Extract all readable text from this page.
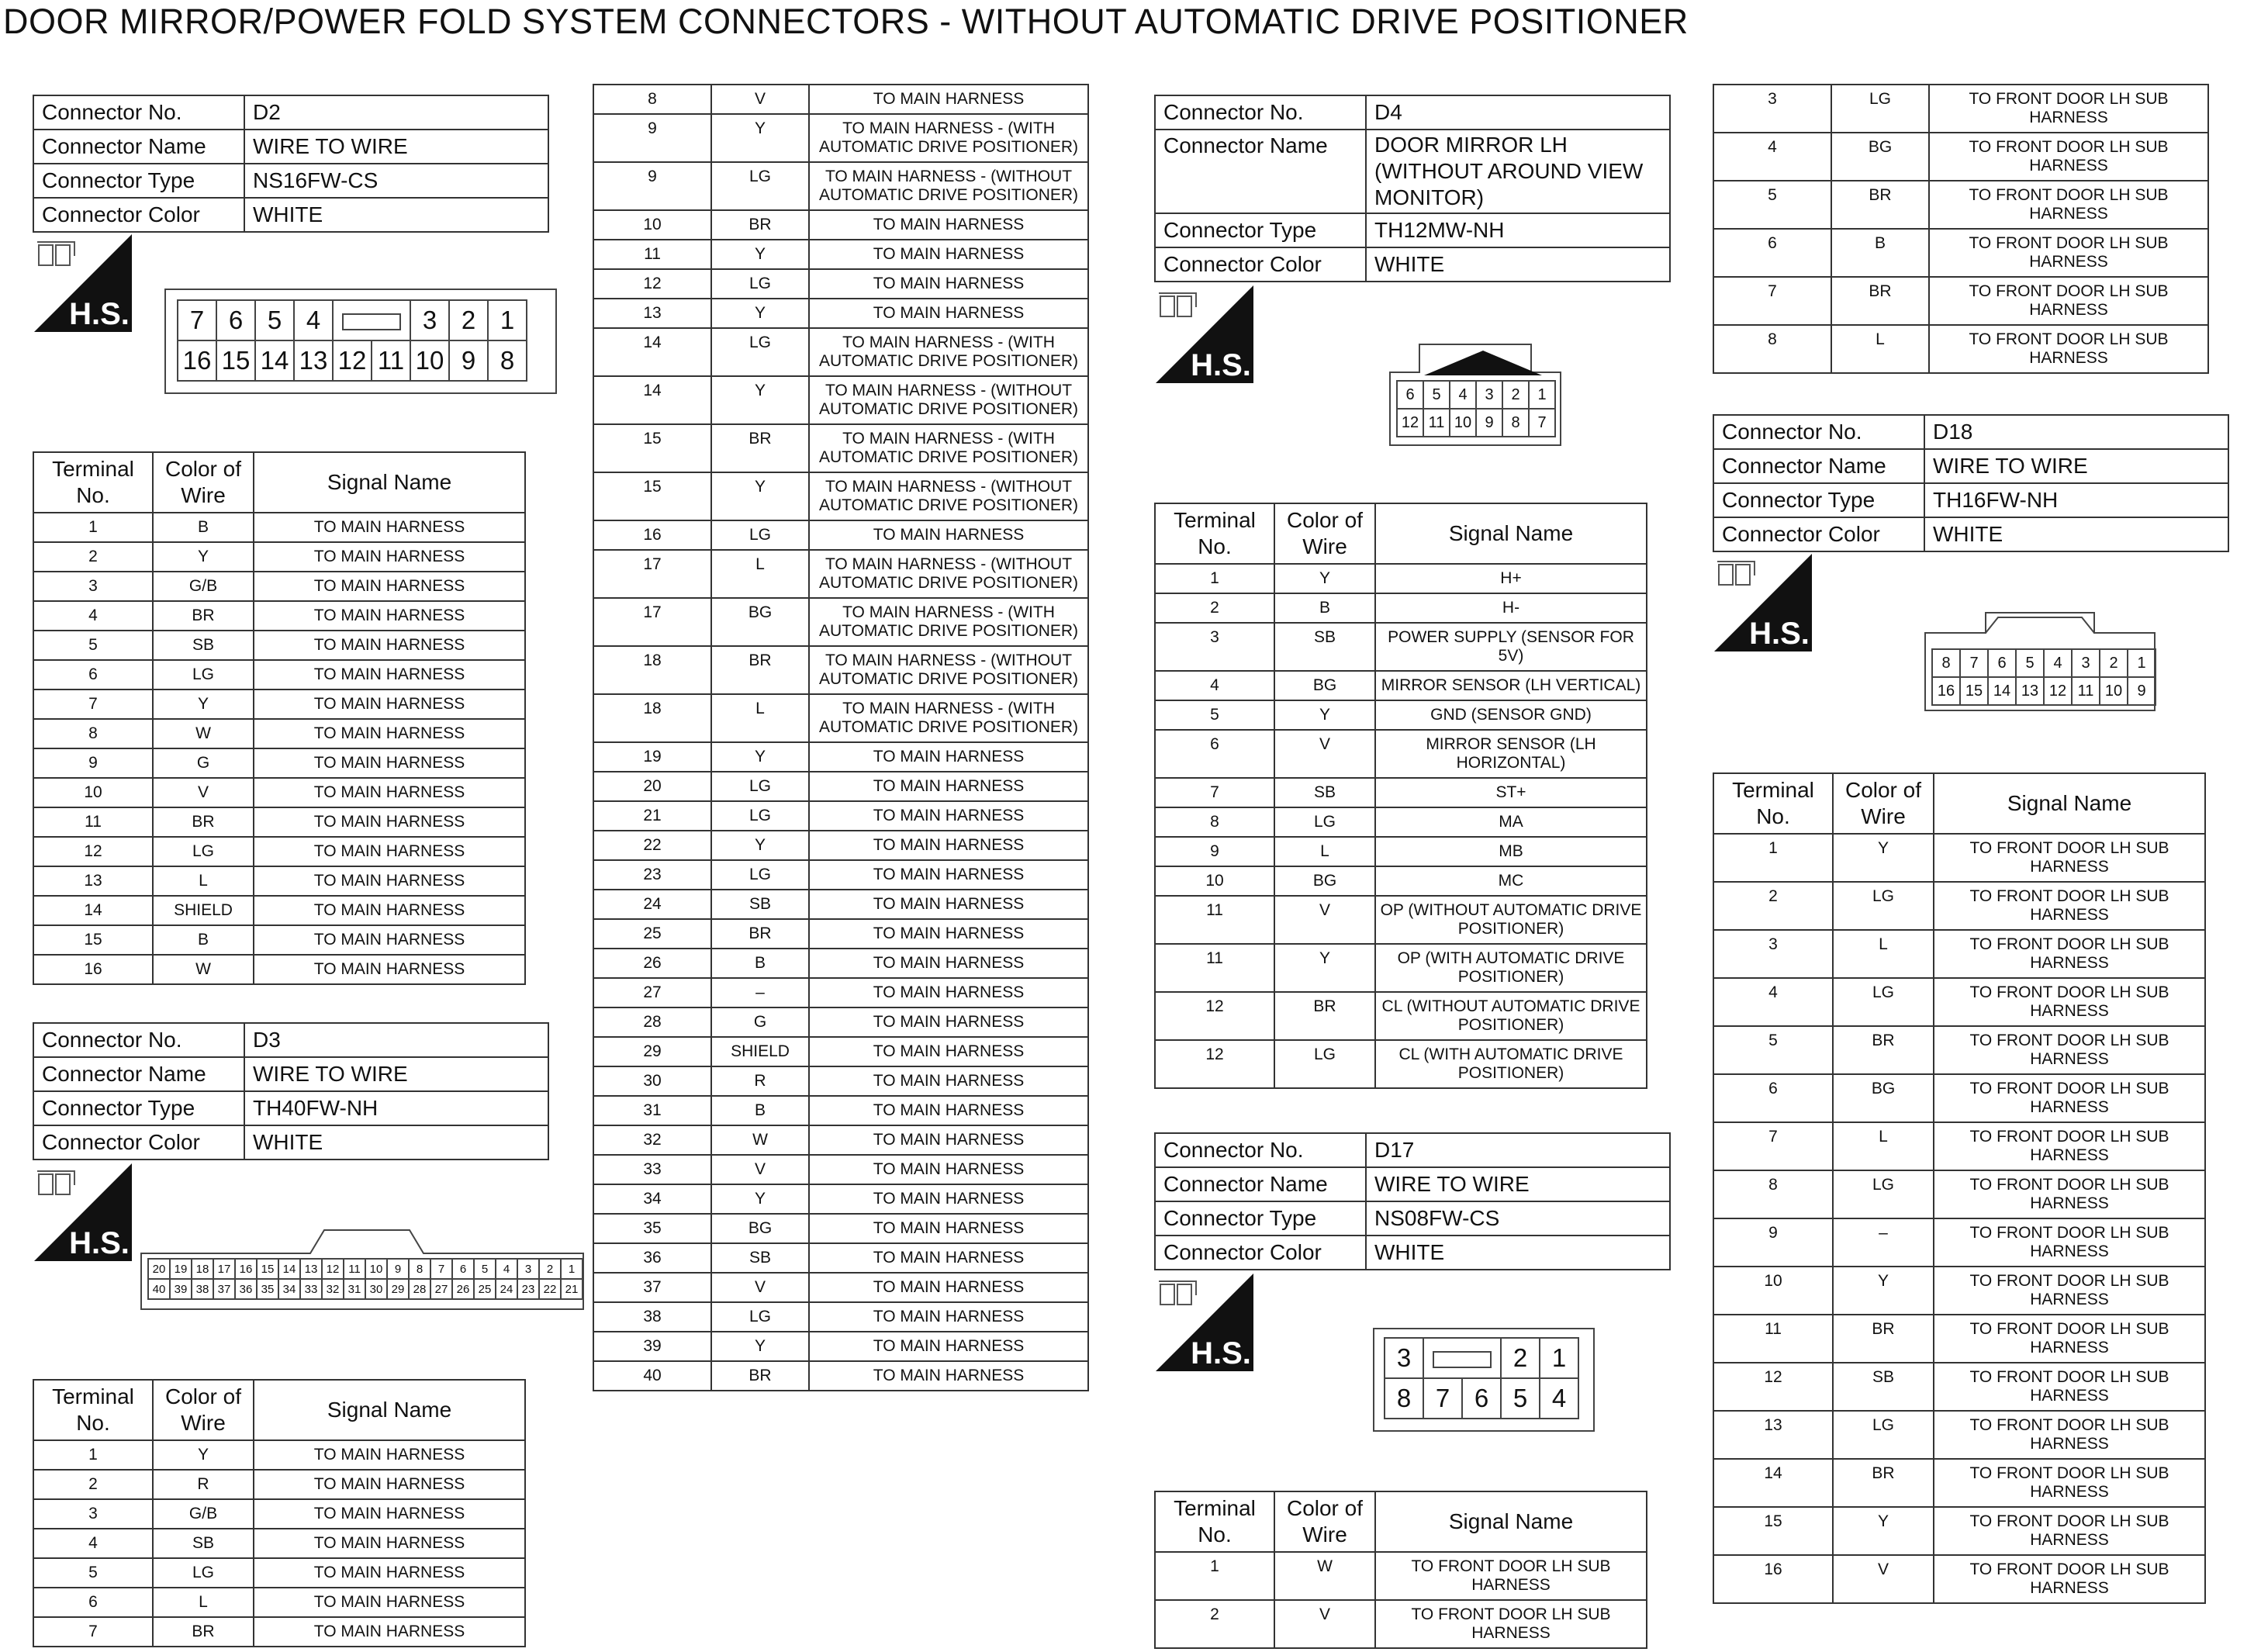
DOOR MIRROR/POWER FOLD SYSTEM CONNECTORS - WITHOUT AUTOMATIC DRIVE POSITIONER
Connector No.	D2
Connector Name	WIRE TO WIRE
Connector Type	NS16FW-CS
Connector Color	WHITE
H.S. 7	6	5	4			3	2	1
16	15	14	13	12	11	10	9	8
Terminal No.	Color of Wire	Signal Name
1	B	TO MAIN HARNESS
2	Y	TO MAIN HARNESS
3	G/B	TO MAIN HARNESS
4	BR	TO MAIN HARNESS
5	SB	TO MAIN HARNESS
6	LG	TO MAIN HARNESS
7	Y	TO MAIN HARNESS
8	W	TO MAIN HARNESS
9	G	TO MAIN HARNESS
10	V	TO MAIN HARNESS
11	BR	TO MAIN HARNESS
12	LG	TO MAIN HARNESS
13	L	TO MAIN HARNESS
14	SHIELD	TO MAIN HARNESS
15	B	TO MAIN HARNESS
16	W	TO MAIN HARNESS
Connector No.	D3
Connector Name	WIRE TO WIRE
Connector Type	TH40FW-NH
Connector Color	WHITE
H.S.
20	19	18	17	16	15	14	13	12	11	10	9	8	7	6	5	4	3	2	1
40	39	38	37	36	35	34	33	32	31	30	29	28	27	26	25	24	23	22	21
Terminal No.	Color of Wire	Signal Name
1	Y	TO MAIN HARNESS
2	R	TO MAIN HARNESS
3	G/B	TO MAIN HARNESS
4	SB	TO MAIN HARNESS
5	LG	TO MAIN HARNESS
6	L	TO MAIN HARNESS
7	BR	TO MAIN HARNESS
8	V	TO MAIN HARNESS
9	Y	TO MAIN HARNESS - (WITH AUTOMATIC DRIVE POSITIONER)
9	LG	TO MAIN HARNESS - (WITHOUT AUTOMATIC DRIVE POSITIONER)
10	BR	TO MAIN HARNESS
11	Y	TO MAIN HARNESS
12	LG	TO MAIN HARNESS
13	Y	TO MAIN HARNESS
14	LG	TO MAIN HARNESS - (WITH AUTOMATIC DRIVE POSITIONER)
14	Y	TO MAIN HARNESS - (WITHOUT AUTOMATIC DRIVE POSITIONER)
15	BR	TO MAIN HARNESS - (WITH AUTOMATIC DRIVE POSITIONER)
15	Y	TO MAIN HARNESS - (WITHOUT AUTOMATIC DRIVE POSITIONER)
16	LG	TO MAIN HARNESS
17	L	TO MAIN HARNESS - (WITHOUT AUTOMATIC DRIVE POSITIONER)
17	BG	TO MAIN HARNESS - (WITH AUTOMATIC DRIVE POSITIONER)
18	BR	TO MAIN HARNESS - (WITHOUT AUTOMATIC DRIVE POSITIONER)
18	L	TO MAIN HARNESS - (WITH AUTOMATIC DRIVE POSITIONER)
19	Y	TO MAIN HARNESS
20	LG	TO MAIN HARNESS
21	LG	TO MAIN HARNESS
22	Y	TO MAIN HARNESS
23	LG	TO MAIN HARNESS
24	SB	TO MAIN HARNESS
25	BR	TO MAIN HARNESS
26	B	TO MAIN HARNESS
27	–	TO MAIN HARNESS
28	G	TO MAIN HARNESS
29	SHIELD	TO MAIN HARNESS
30	R	TO MAIN HARNESS
31	B	TO MAIN HARNESS
32	W	TO MAIN HARNESS
33	V	TO MAIN HARNESS
34	Y	TO MAIN HARNESS
35	BG	TO MAIN HARNESS
36	SB	TO MAIN HARNESS
37	V	TO MAIN HARNESS
38	LG	TO MAIN HARNESS
39	Y	TO MAIN HARNESS
40	BR	TO MAIN HARNESS
Connector No.	D4
Connector Name	DOOR MIRROR LH (WITHOUT AROUND VIEW MONITOR)
Connector Type	TH12MW-NH
Connector Color	WHITE
H.S.
6	5	4	3	2	1
12	11	10	9	8	7
Terminal No.	Color of Wire	Signal Name
1	Y	H+
2	B	H-
3	SB	POWER SUPPLY (SENSOR FOR 5V)
4	BG	MIRROR SENSOR (LH VERTICAL)
5	Y	GND (SENSOR GND)
6	V	MIRROR SENSOR (LH HORIZONTAL)
7	SB	ST+
8	LG	MA
9	L	MB
10	BG	MC
11	V	OP (WITHOUT AUTOMATIC DRIVE POSITIONER)
11	Y	OP (WITH AUTOMATIC DRIVE POSITIONER)
12	BR	CL (WITHOUT AUTOMATIC DRIVE POSITIONER)
12	LG	CL (WITH AUTOMATIC DRIVE POSITIONER)
Connector No.	D17
Connector Name	WIRE TO WIRE
Connector Type	NS08FW-CS
Connector Color	WHITE
H.S.	3			2	1
8	7	6	5	4
Terminal No.	Color of Wire	Signal Name
1	W	TO FRONT DOOR LH SUB HARNESS
2	V	TO FRONT DOOR LH SUB HARNESS
3	LG	TO FRONT DOOR LH SUB HARNESS
4	BG	TO FRONT DOOR LH SUB HARNESS
5	BR	TO FRONT DOOR LH SUB HARNESS
6	B	TO FRONT DOOR LH SUB HARNESS
7	BR	TO FRONT DOOR LH SUB HARNESS
8	L	TO FRONT DOOR LH SUB HARNESS
Connector No.	D18
Connector Name	WIRE TO WIRE
Connector Type	TH16FW-NH
Connector Color	WHITE
H.S.
8	7	6	5	4	3	2	1
16	15	14	13	12	11	10	9
Terminal No.	Color of Wire	Signal Name
1	Y	TO FRONT DOOR LH SUB HARNESS
2	LG	TO FRONT DOOR LH SUB HARNESS
3	L	TO FRONT DOOR LH SUB HARNESS
4	LG	TO FRONT DOOR LH SUB HARNESS
5	BR	TO FRONT DOOR LH SUB HARNESS
6	BG	TO FRONT DOOR LH SUB HARNESS
7	L	TO FRONT DOOR LH SUB HARNESS
8	LG	TO FRONT DOOR LH SUB HARNESS
9	–	TO FRONT DOOR LH SUB HARNESS
10	Y	TO FRONT DOOR LH SUB HARNESS
11	BR	TO FRONT DOOR LH SUB HARNESS
12	SB	TO FRONT DOOR LH SUB HARNESS
13	LG	TO FRONT DOOR LH SUB HARNESS
14	BR	TO FRONT DOOR LH SUB HARNESS
15	Y	TO FRONT DOOR LH SUB HARNESS
16	V	TO FRONT DOOR LH SUB HARNESS
